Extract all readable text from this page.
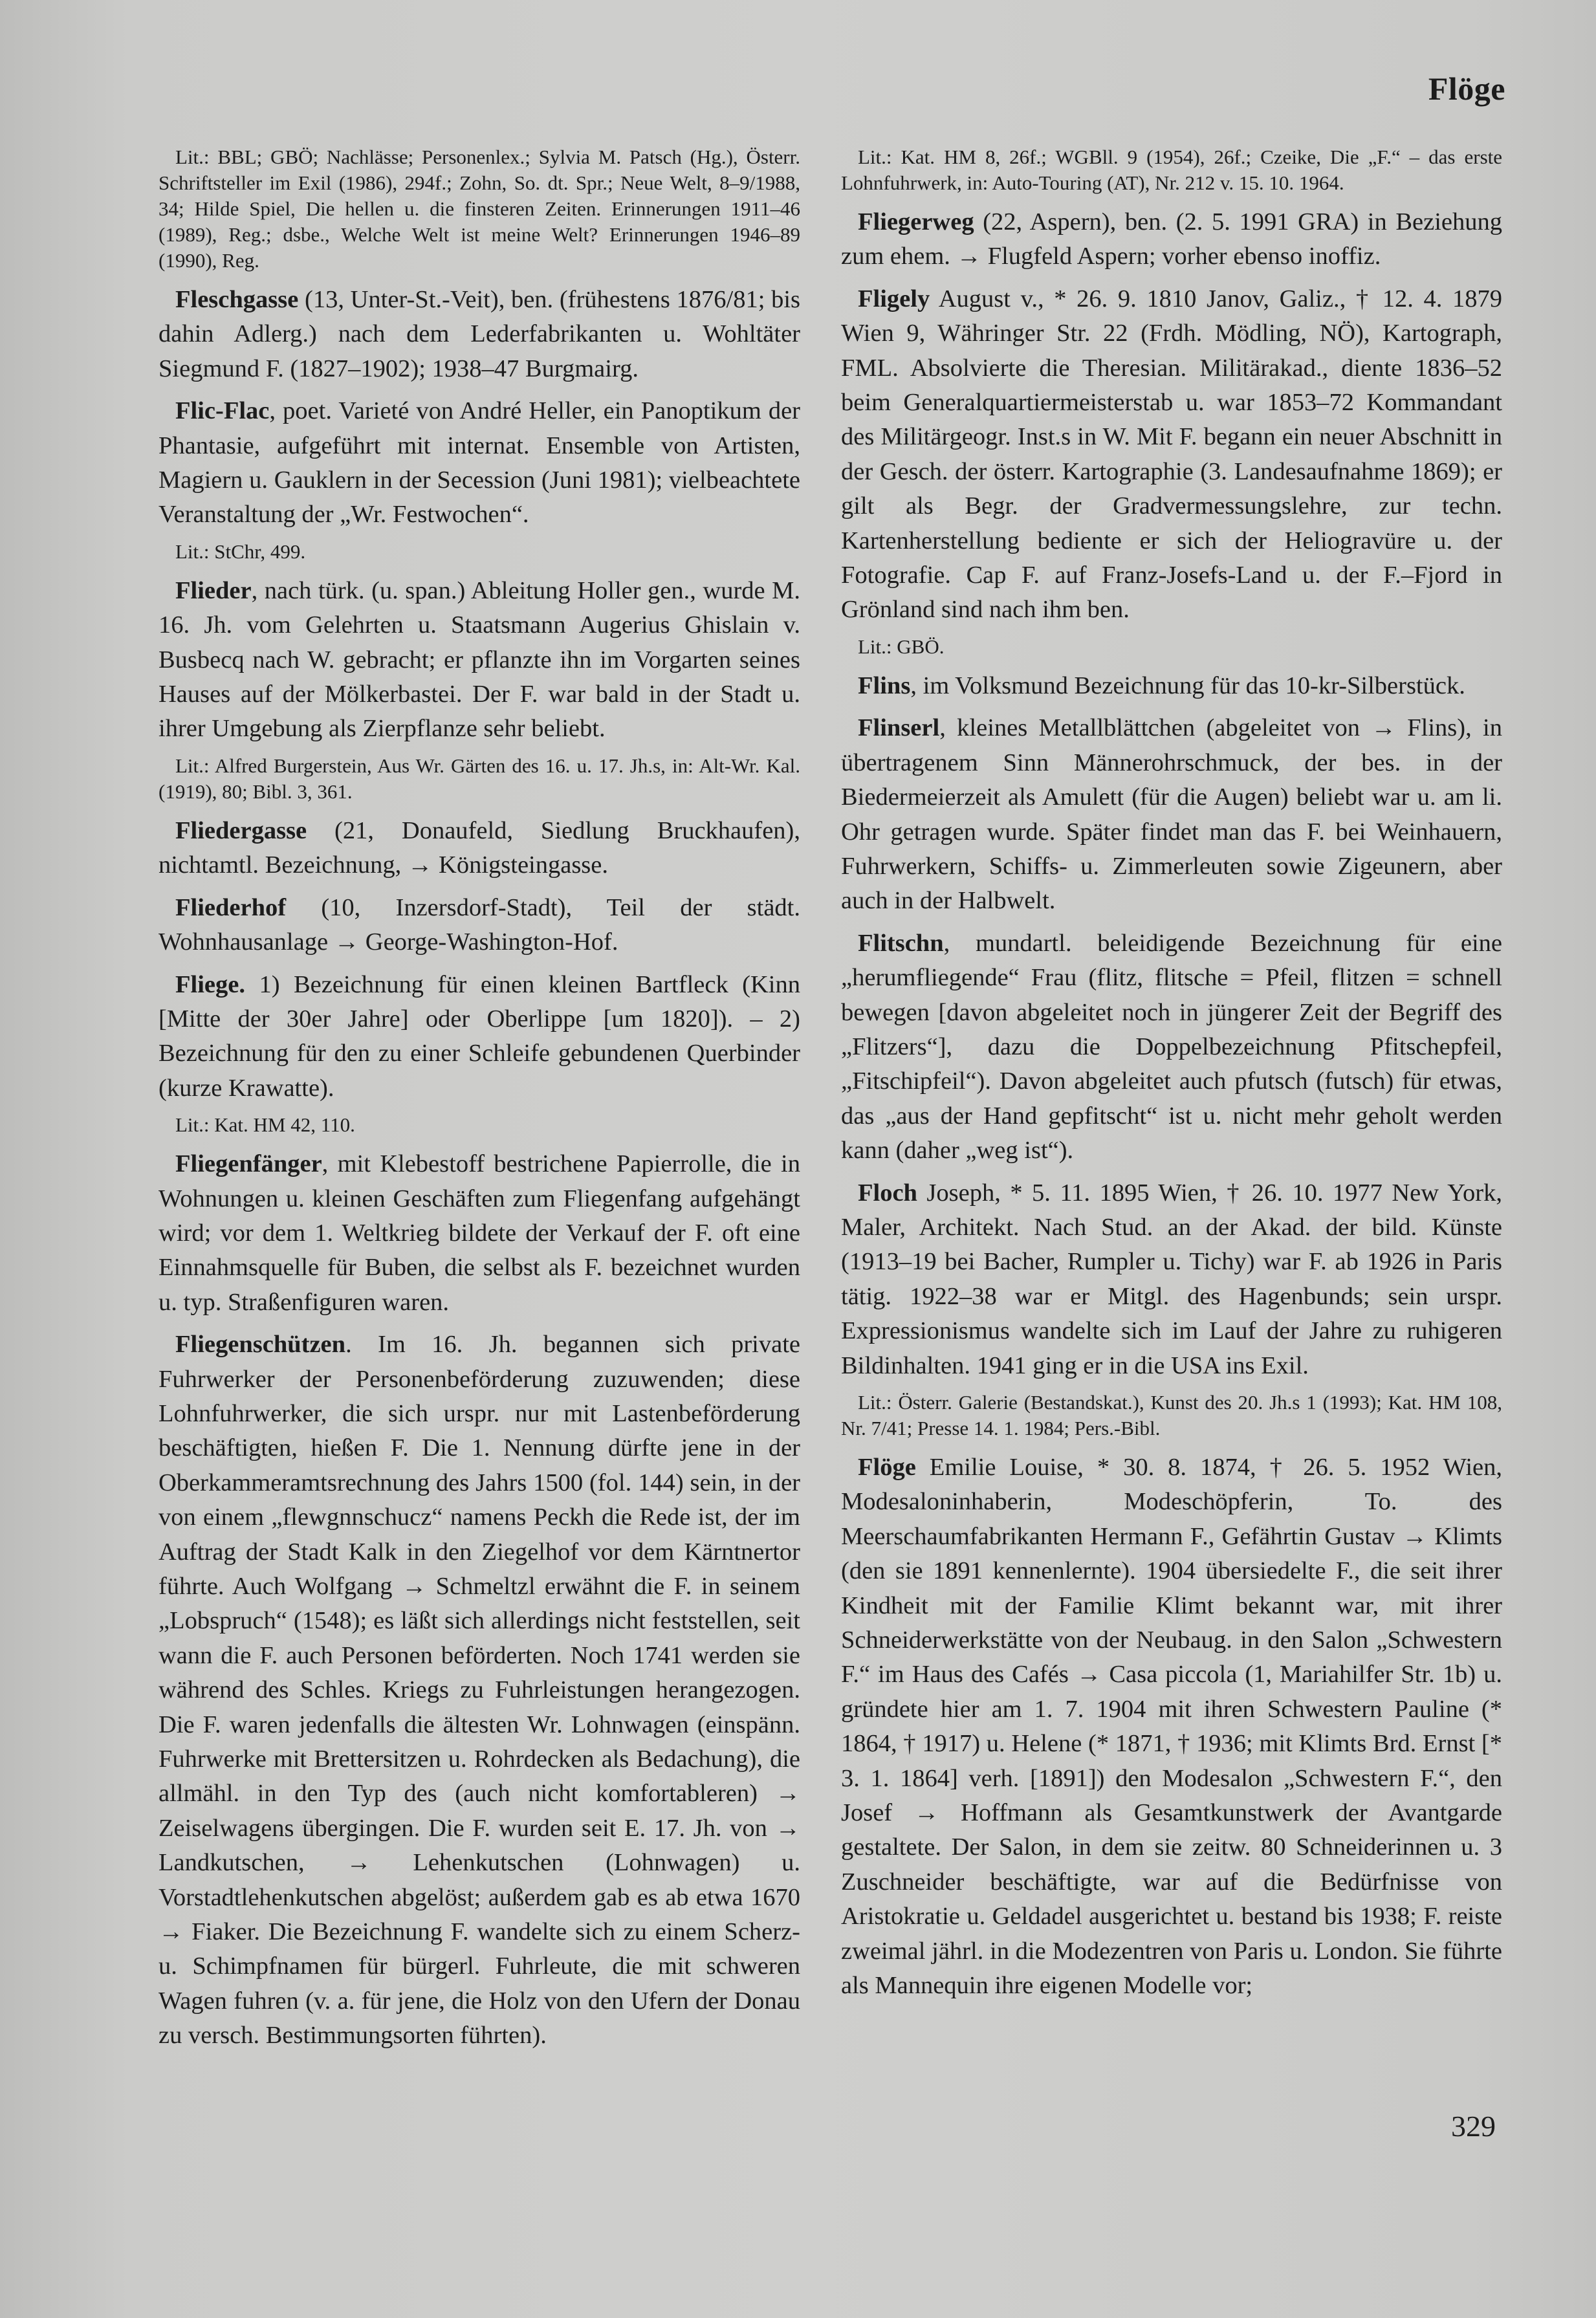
Flöge

Lit.: BBL; GBÖ; Nachlässe; Personenlex.; Sylvia M. Patsch (Hg.), Österr. Schriftsteller im Exil (1986), 294f.; Zohn, So. dt. Spr.; Neue Welt, 8–9/1988, 34; Hilde Spiel, Die hellen u. die finsteren Zeiten. Erinnerungen 1911–46 (1989), Reg.; dsbe., Welche Welt ist meine Welt? Erinnerungen 1946–89 (1990), Reg.

Fleschgasse (13, Unter-St.-Veit), ben. (frühestens 1876/81; bis dahin Adlerg.) nach dem Lederfabrikanten u. Wohltäter Siegmund F. (1827–1902); 1938–47 Burgmairg.

Flic-Flac, poet. Varieté von André Heller, ein Panoptikum der Phantasie, aufgeführt mit internat. Ensemble von Artisten, Magiern u. Gauklern in der Secession (Juni 1981); vielbeachtete Veranstaltung der „Wr. Festwochen“.

Lit.: StChr, 499.

Flieder, nach türk. (u. span.) Ableitung Holler gen., wurde M. 16. Jh. vom Gelehrten u. Staatsmann Augerius Ghislain v. Busbecq nach W. gebracht; er pflanzte ihn im Vorgarten seines Hauses auf der Mölkerbastei. Der F. war bald in der Stadt u. ihrer Umgebung als Zierpflanze sehr beliebt.

Lit.: Alfred Burgerstein, Aus Wr. Gärten des 16. u. 17. Jh.s, in: Alt-Wr. Kal. (1919), 80; Bibl. 3, 361.

Fliedergasse (21, Donaufeld, Siedlung Bruckhaufen), nichtamtl. Bezeichnung, → Königsteingasse.

Fliederhof (10, Inzersdorf-Stadt), Teil der städt. Wohnhausanlage → George-Washington-Hof.

Fliege. 1) Bezeichnung für einen kleinen Bartfleck (Kinn [Mitte der 30er Jahre] oder Oberlippe [um 1820]). – 2) Bezeichnung für den zu einer Schleife gebundenen Querbinder (kurze Krawatte).

Lit.: Kat. HM 42, 110.

Fliegenfänger, mit Klebestoff bestrichene Papierrolle, die in Wohnungen u. kleinen Geschäften zum Fliegenfang aufgehängt wird; vor dem 1. Weltkrieg bildete der Verkauf der F. oft eine Einnahmsquelle für Buben, die selbst als F. bezeichnet wurden u. typ. Straßenfiguren waren.

Fliegenschützen. Im 16. Jh. begannen sich private Fuhrwerker der Personenbeförderung zuzuwenden; diese Lohnfuhrwerker, die sich urspr. nur mit Lastenbeförderung beschäftigten, hießen F. Die 1. Nennung dürfte jene in der Oberkammeramtsrechnung des Jahrs 1500 (fol. 144) sein, in der von einem „flewgnnschucz“ namens Peckh die Rede ist, der im Auftrag der Stadt Kalk in den Ziegelhof vor dem Kärntnertor führte. Auch Wolfgang → Schmeltzl erwähnt die F. in seinem „Lobspruch“ (1548); es läßt sich allerdings nicht feststellen, seit wann die F. auch Personen beförderten. Noch 1741 werden sie während des Schles. Kriegs zu Fuhrleistungen herangezogen. Die F. waren jedenfalls die ältesten Wr. Lohnwagen (einspänn. Fuhrwerke mit Brettersitzen u. Rohrdecken als Bedachung), die allmähl. in den Typ des (auch nicht komfortableren) → Zeiselwagens übergingen. Die F. wurden seit E. 17. Jh. von → Landkutschen, → Lehenkutschen (Lohnwagen) u. Vorstadtlehenkutschen abgelöst; außerdem gab es ab etwa 1670 → Fiaker. Die Bezeichnung F. wandelte sich zu einem Scherz- u. Schimpfnamen für bürgerl. Fuhrleute, die mit schweren Wagen fuhren (v. a. für jene, die Holz von den Ufern der Donau zu versch. Bestimmungsorten führten).

Lit.: Kat. HM 8, 26f.; WGBll. 9 (1954), 26f.; Czeike, Die „F.“ – das erste Lohnfuhrwerk, in: Auto-Touring (AT), Nr. 212 v. 15. 10. 1964.

Fliegerweg (22, Aspern), ben. (2. 5. 1991 GRA) in Beziehung zum ehem. → Flugfeld Aspern; vorher ebenso inoffiz.

Fligely August v., * 26. 9. 1810 Janov, Galiz., † 12. 4. 1879 Wien 9, Währinger Str. 22 (Frdh. Mödling, NÖ), Kartograph, FML. Absolvierte die Theresian. Militärakad., diente 1836–52 beim Generalquartiermeisterstab u. war 1853–72 Kommandant des Militärgeogr. Inst.s in W. Mit F. begann ein neuer Abschnitt in der Gesch. der österr. Kartographie (3. Landesaufnahme 1869); er gilt als Begr. der Gradvermessungslehre, zur techn. Kartenherstellung bediente er sich der Heliogravüre u. der Fotografie. Cap F. auf Franz-Josefs-Land u. der F.–Fjord in Grönland sind nach ihm ben.

Lit.: GBÖ.

Flins, im Volksmund Bezeichnung für das 10-kr-Silberstück.

Flinserl, kleines Metallblättchen (abgeleitet von → Flins), in übertragenem Sinn Männerohrschmuck, der bes. in der Biedermeierzeit als Amulett (für die Augen) beliebt war u. am li. Ohr getragen wurde. Später findet man das F. bei Weinhauern, Fuhrwerkern, Schiffs- u. Zimmerleuten sowie Zigeunern, aber auch in der Halbwelt.

Flitschn, mundartl. beleidigende Bezeichnung für eine „herumfliegende“ Frau (flitz, flitsche = Pfeil, flitzen = schnell bewegen [davon abgeleitet noch in jüngerer Zeit der Begriff des „Flitzers“], dazu die Doppelbezeichnung Pfitschepfeil, „Fitschipfeil“). Davon abgeleitet auch pfutsch (futsch) für etwas, das „aus der Hand gepfitscht“ ist u. nicht mehr geholt werden kann (daher „weg ist“).

Floch Joseph, * 5. 11. 1895 Wien, † 26. 10. 1977 New York, Maler, Architekt. Nach Stud. an der Akad. der bild. Künste (1913–19 bei Bacher, Rumpler u. Tichy) war F. ab 1926 in Paris tätig. 1922–38 war er Mitgl. des Hagenbunds; sein urspr. Expressionismus wandelte sich im Lauf der Jahre zu ruhigeren Bildinhalten. 1941 ging er in die USA ins Exil.

Lit.: Österr. Galerie (Bestandskat.), Kunst des 20. Jh.s 1 (1993); Kat. HM 108, Nr. 7/41; Presse 14. 1. 1984; Pers.-Bibl.

Flöge Emilie Louise, * 30. 8. 1874, † 26. 5. 1952 Wien, Modesaloninhaberin, Modeschöpferin, To. des Meerschaumfabrikanten Hermann F., Gefährtin Gustav → Klimts (den sie 1891 kennenlernte). 1904 übersiedelte F., die seit ihrer Kindheit mit der Familie Klimt bekannt war, mit ihrer Schneiderwerkstätte von der Neubaug. in den Salon „Schwestern F.“ im Haus des Cafés → Casa piccola (1, Mariahilfer Str. 1b) u. gründete hier am 1. 7. 1904 mit ihren Schwestern Pauline (* 1864, † 1917) u. Helene (* 1871, † 1936; mit Klimts Brd. Ernst [* 3. 1. 1864] verh. [1891]) den Modesalon „Schwestern F.“, den Josef → Hoffmann als Gesamtkunstwerk der Avantgarde gestaltete. Der Salon, in dem sie zeitw. 80 Schneiderinnen u. 3 Zuschneider beschäftigte, war auf die Bedürfnisse von Aristokratie u. Geldadel ausgerichtet u. bestand bis 1938; F. reiste zweimal jährl. in die Modezentren von Paris u. London. Sie führte als Mannequin ihre eigenen Modelle vor;

329
